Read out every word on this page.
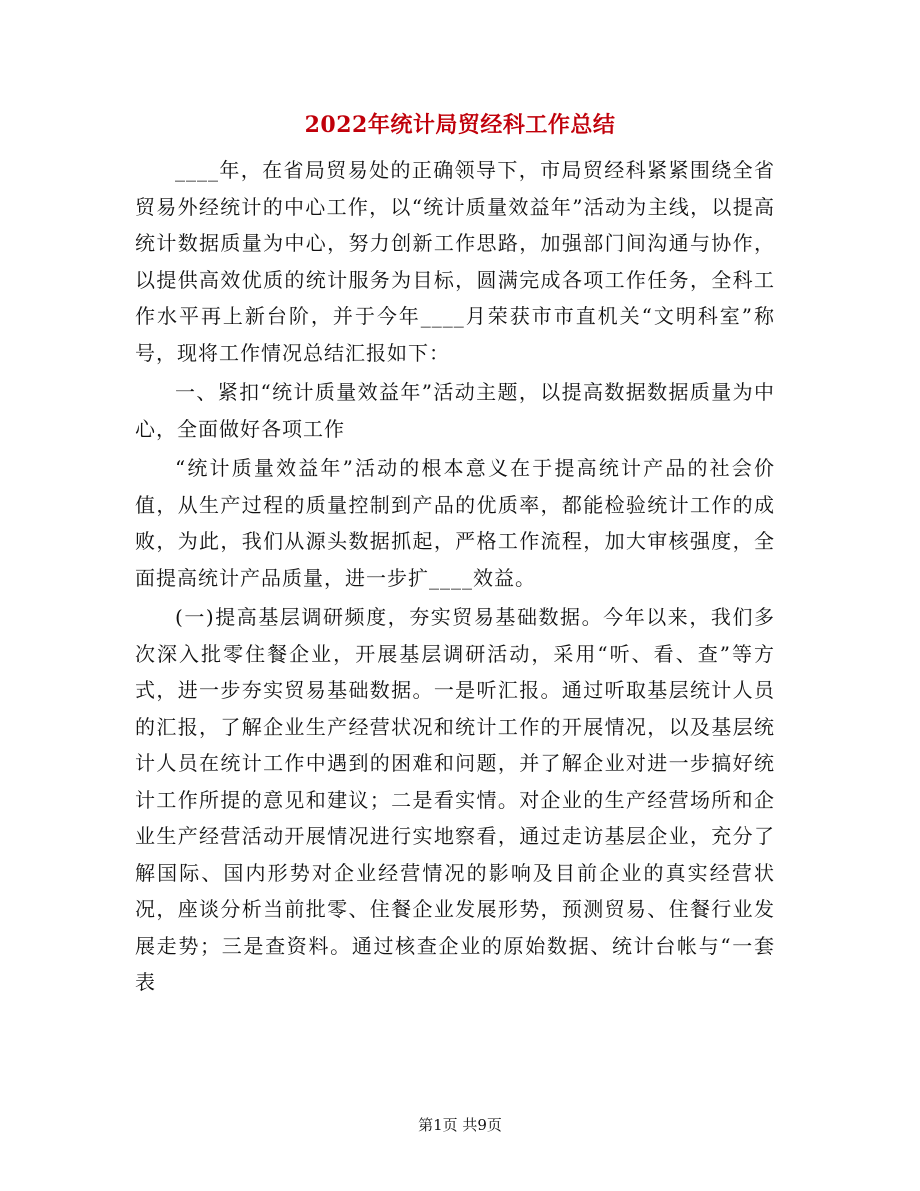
2022年统计局贸经科工作总结

____年，在省局贸易处的正确领导下，市局贸经科紧紧围绕全省贸易外经统计的中心工作，以“统计质量效益年”活动为主线，以提高统计数据质量为中心，努力创新工作思路，加强部门间沟通与协作，以提供高效优质的统计服务为目标，圆满完成各项工作任务，全科工作水平再上新台阶，并于今年____月荣获市市直机关“文明科室”称号，现将工作情况总结汇报如下：

一、紧扣“统计质量效益年”活动主题，以提高数据数据质量为中心，全面做好各项工作

“统计质量效益年”活动的根本意义在于提高统计产品的社会价值，从生产过程的质量控制到产品的优质率，都能检验统计工作的成败，为此，我们从源头数据抓起，严格工作流程，加大审核强度，全面提高统计产品质量，进一步扩____效益。

(一)提高基层调研频度，夯实贸易基础数据。今年以来，我们多次深入批零住餐企业，开展基层调研活动，采用“听、看、查”等方式，进一步夯实贸易基础数据。一是听汇报。通过听取基层统计人员的汇报，了解企业生产经营状况和统计工作的开展情况，以及基层统计人员在统计工作中遇到的困难和问题，并了解企业对进一步搞好统计工作所提的意见和建议；二是看实情。对企业的生产经营场所和企业生产经营活动开展情况进行实地察看，通过走访基层企业，充分了解国际、国内形势对企业经营情况的影响及目前企业的真实经营状况，座谈分析当前批零、住餐企业发展形势，预测贸易、住餐行业发展走势；三是查资料。通过核查企业的原始数据、统计台帐与“一套表

第1页 共9页
